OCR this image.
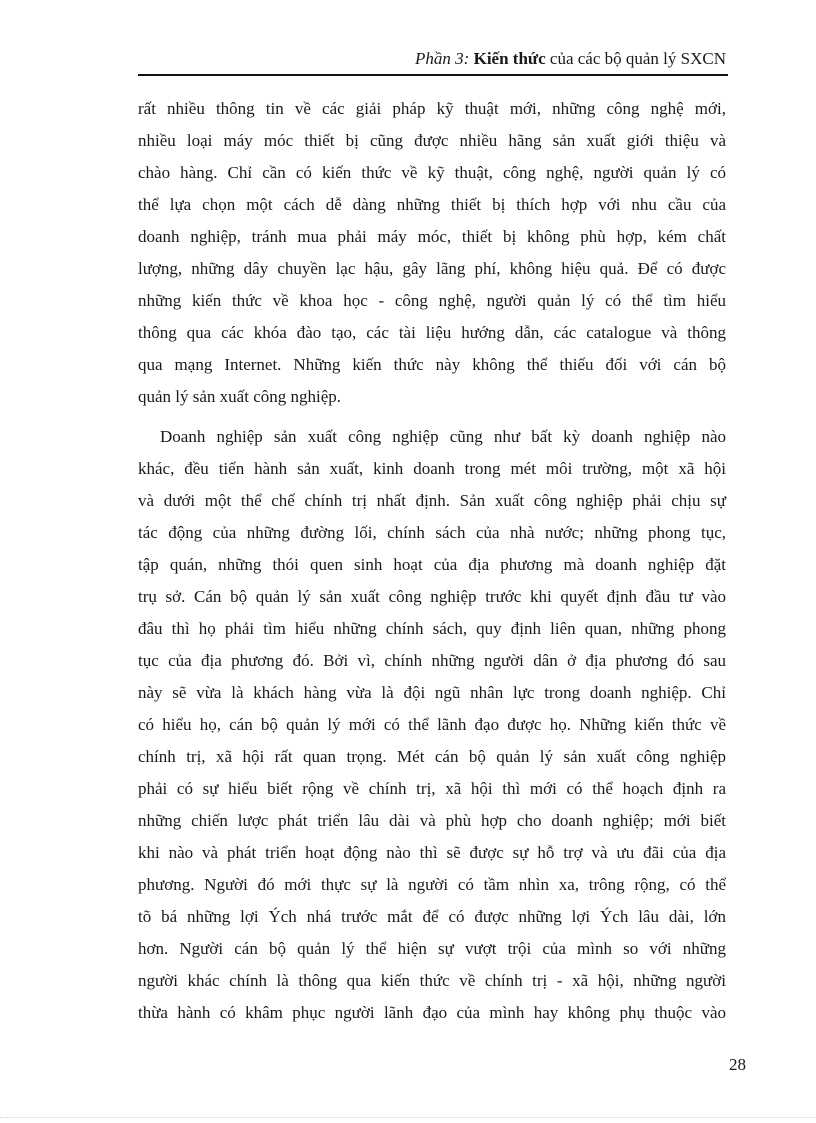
Phần 3: Kiến thức của các bộ quản lý SXCN
rất nhiều thông tin về các giải pháp kỹ thuật mới, những công nghệ mới,
nhiều loại máy móc thiết bị cũng được nhiều hãng sản xuất giới thiệu và
chào hàng. Chỉ cần có kiến thức về kỹ thuật, công nghệ, người quản lý có
thể lựa chọn một cách dễ dàng những thiết bị thích hợp với nhu cầu của
doanh nghiệp, tránh mua phải máy móc, thiết bị không phù hợp, kém chất
lượng, những dây chuyền lạc hậu, gây lãng phí, không hiệu quả. Để có được
những kiến thức về khoa học - công nghệ, người quản lý có thể tìm hiểu
thông qua các khóa đào tạo, các tài liệu hướng dẫn, các catalogue và thông
qua mạng Internet. Những kiến thức này không thể thiếu đối với cán bộ
quản lý sản xuất công nghiệp.
Doanh nghiệp sản xuất công nghiệp cũng như bất kỳ doanh nghiệp nào
khác, đều tiến hành sản xuất, kinh doanh trong mét môi trường, một xã hội
và dưới một thể chế chính trị nhất định. Sản xuất công nghiệp phải chịu sự
tác động của những đường lối, chính sách của nhà nước; những phong tục,
tập quán, những thói quen sinh hoạt của địa phương mà doanh nghiệp đặt
trụ sở. Cán bộ quản lý sản xuất công nghiệp trước khi quyết định đầu tư vào
đâu thì họ phải tìm hiểu những chính sách, quy định liên quan, những phong
tục của địa phương đó. Bởi vì, chính những người dân ở địa phương đó sau
này sẽ vừa là khách hàng vừa là đội ngũ nhân lực trong doanh nghiệp. Chỉ
có hiểu họ, cán bộ quản lý mới có thể lãnh đạo được họ. Những kiến thức về
chính trị, xã hội rất quan trọng. Mét cán bộ quản lý sản xuất công nghiệp
phải có sự hiểu biết rộng về chính trị, xã hội thì mới có thể hoạch định ra
những chiến lược phát triển lâu dài và phù hợp cho doanh nghiệp; mới biết
khi nào và phát triển hoạt động nào thì sẽ được sự hỗ trợ và ưu đãi của địa
phương. Người đó mới thực sự là người có tầm nhìn xa, trông rộng, có thể
tõ bá những lợi Ých nhá trước mắt để có được những lợi Ých lâu dài, lớn
hơn. Người cán bộ quản lý thể hiện sự vượt trội của mình so với những
người khác chính là thông qua kiến thức về chính trị - xã hội, những người
thừa hành có khâm phục người lãnh đạo của mình hay không phụ thuộc vào
28
